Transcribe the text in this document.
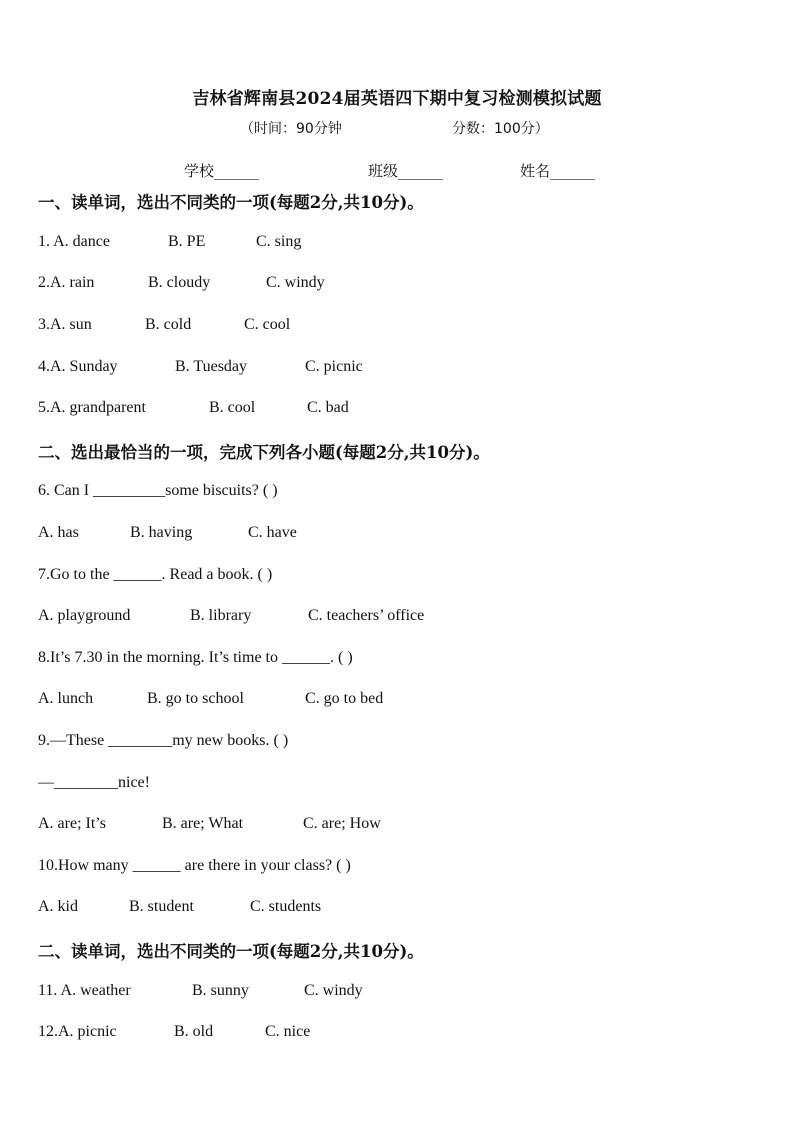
吉林省辉南县2024届英语四下期中复习检测模拟试题
（时间：90分钟	分数：100分）
学校______	班级______	姓名______
一、读单词，选出不同类的一项(每题2分,共10分)。
1. A. dance	B. PE	C. sing
2.A. rain	B. cloudy	C. windy
3.A. sun	B. cold	C. cool
4.A. Sunday	B. Tuesday	C. picnic
5.A. grandparent	B. cool	C. bad
二、选出最恰当的一项，完成下列各小题(每题2分,共10分)。
6. Can I _________some biscuits? ( )
A. has	B. having	C. have
7.Go to the ______. Read a book. ( )
A. playground	B. library	C. teachers’ office
8.It’s 7.30 in the morning. It’s time to ______. ( )
A. lunch	B. go to school	C. go to bed
9.—These ________my new books. ( )
—________nice!
A. are; It’s	B. are; What	C. are; How
10.How many ______ are there in your class? ( )
A. kid	B. student	C. students
二、读单词，选出不同类的一项(每题2分,共10分)。
11. A. weather	B. sunny	C. windy
12.A. picnic	B. old	C. nice
